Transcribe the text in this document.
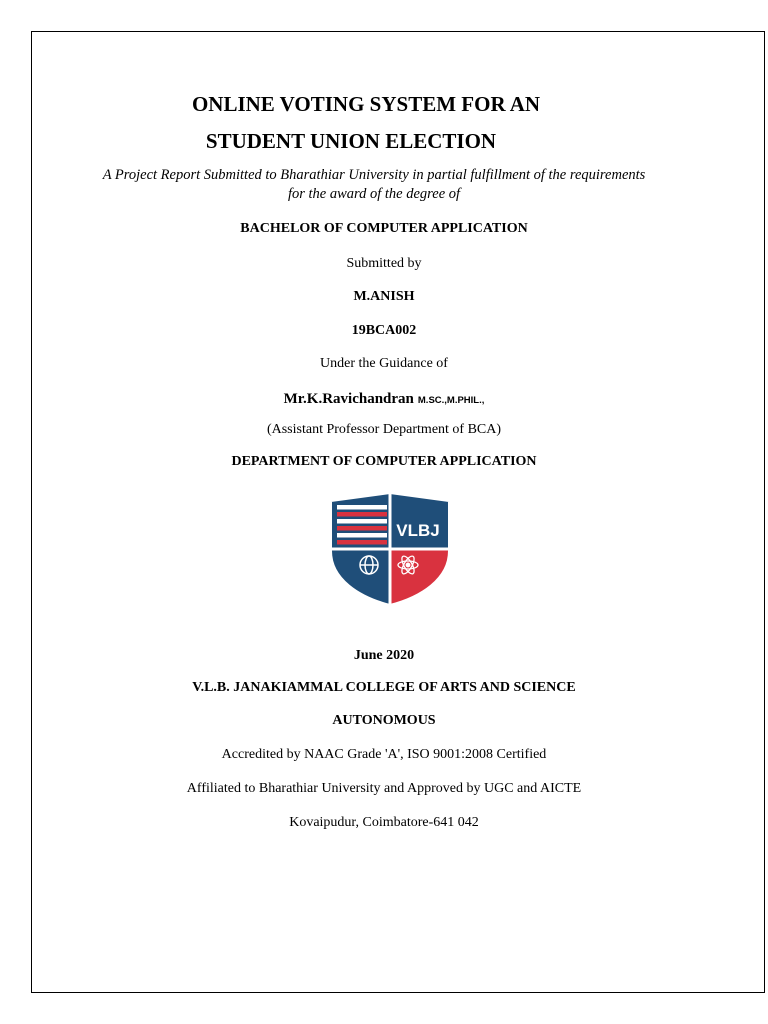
ONLINE VOTING SYSTEM FOR AN
STUDENT UNION ELECTION
A Project Report Submitted to Bharathiar University in partial fulfillment of the requirements
for the award of the degree of
BACHELOR OF COMPUTER APPLICATION
Submitted by
M.ANISH
19BCA002
Under the Guidance of
Mr.K.Ravichandran M.SC.,M.PHIL.,
(Assistant Professor Department of BCA)
DEPARTMENT OF COMPUTER APPLICATION
VLBJ
June 2020
V.L.B. JANAKIAMMAL COLLEGE OF ARTS AND SCIENCE
AUTONOMOUS
Accredited by NAAC Grade 'A', ISO 9001:2008 Certified
Affiliated to Bharathiar University and Approved by UGC and AICTE
Kovaipudur, Coimbatore-641 042
